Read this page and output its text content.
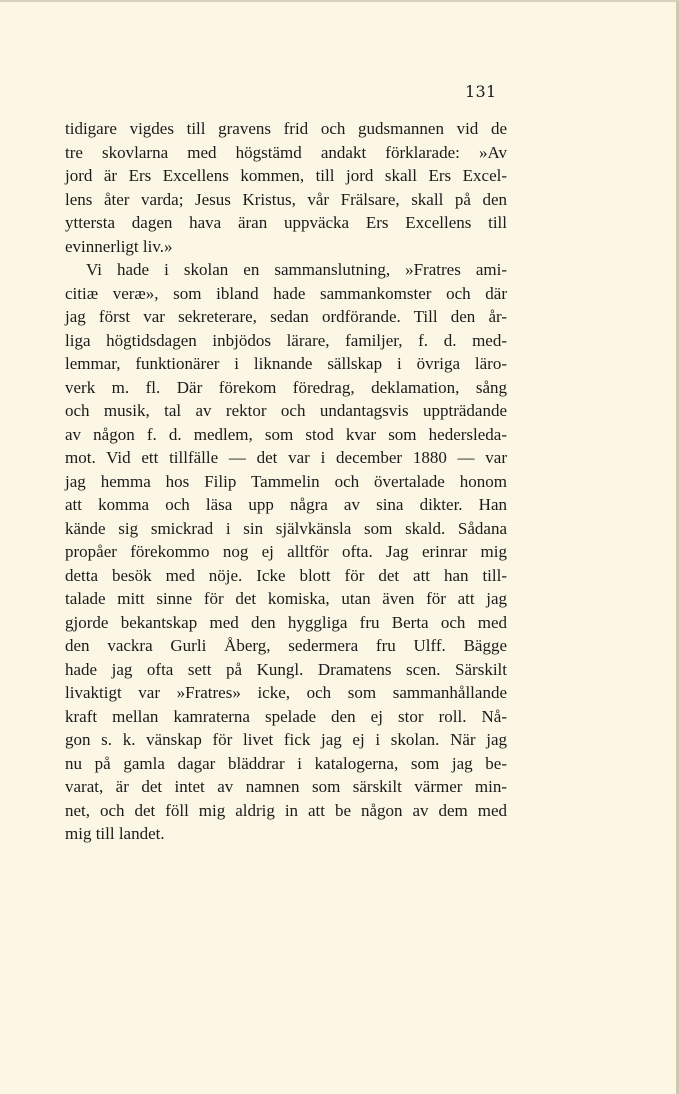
131
tidigare vigdes till gravens frid och gudsmannen vid de
tre skovlarna med högstämd andakt förklarade: »Av
jord är Ers Excellens kommen, till jord skall Ers Excel-
lens åter varda; Jesus Kristus, vår Frälsare, skall på den
yttersta dagen hava äran uppväcka Ers Excellens till
evinnerligt liv.»
Vi hade i skolan en sammanslutning, »Fratres ami-
citiæ veræ», som ibland hade sammankomster och där
jag först var sekreterare, sedan ordförande. Till den år-
liga högtidsdagen inbjödos lärare, familjer, f. d. med-
lemmar, funktionärer i liknande sällskap i övriga läro-
verk m. fl. Där förekom föredrag, deklamation, sång
och musik, tal av rektor och undantagsvis uppträdande
av någon f. d. medlem, som stod kvar som hedersleda-
mot. Vid ett tillfälle — det var i december 1880 — var
jag hemma hos Filip Tammelin och övertalade honom
att komma och läsa upp några av sina dikter. Han
kände sig smickrad i sin självkänsla som skald. Sådana
propåer förekommo nog ej alltför ofta. Jag erinrar mig
detta besök med nöje. Icke blott för det att han till-
talade mitt sinne för det komiska, utan även för att jag
gjorde bekantskap med den hyggliga fru Berta och med
den vackra Gurli Åberg, sedermera fru Ulff. Bägge
hade jag ofta sett på Kungl. Dramatens scen. Särskilt
livaktigt var »Fratres» icke, och som sammanhållande
kraft mellan kamraterna spelade den ej stor roll. Nå-
gon s. k. vänskap för livet fick jag ej i skolan. När jag
nu på gamla dagar bläddrar i katalogerna, som jag be-
varat, är det intet av namnen som särskilt värmer min-
net, och det föll mig aldrig in att be någon av dem med
mig till landet.
